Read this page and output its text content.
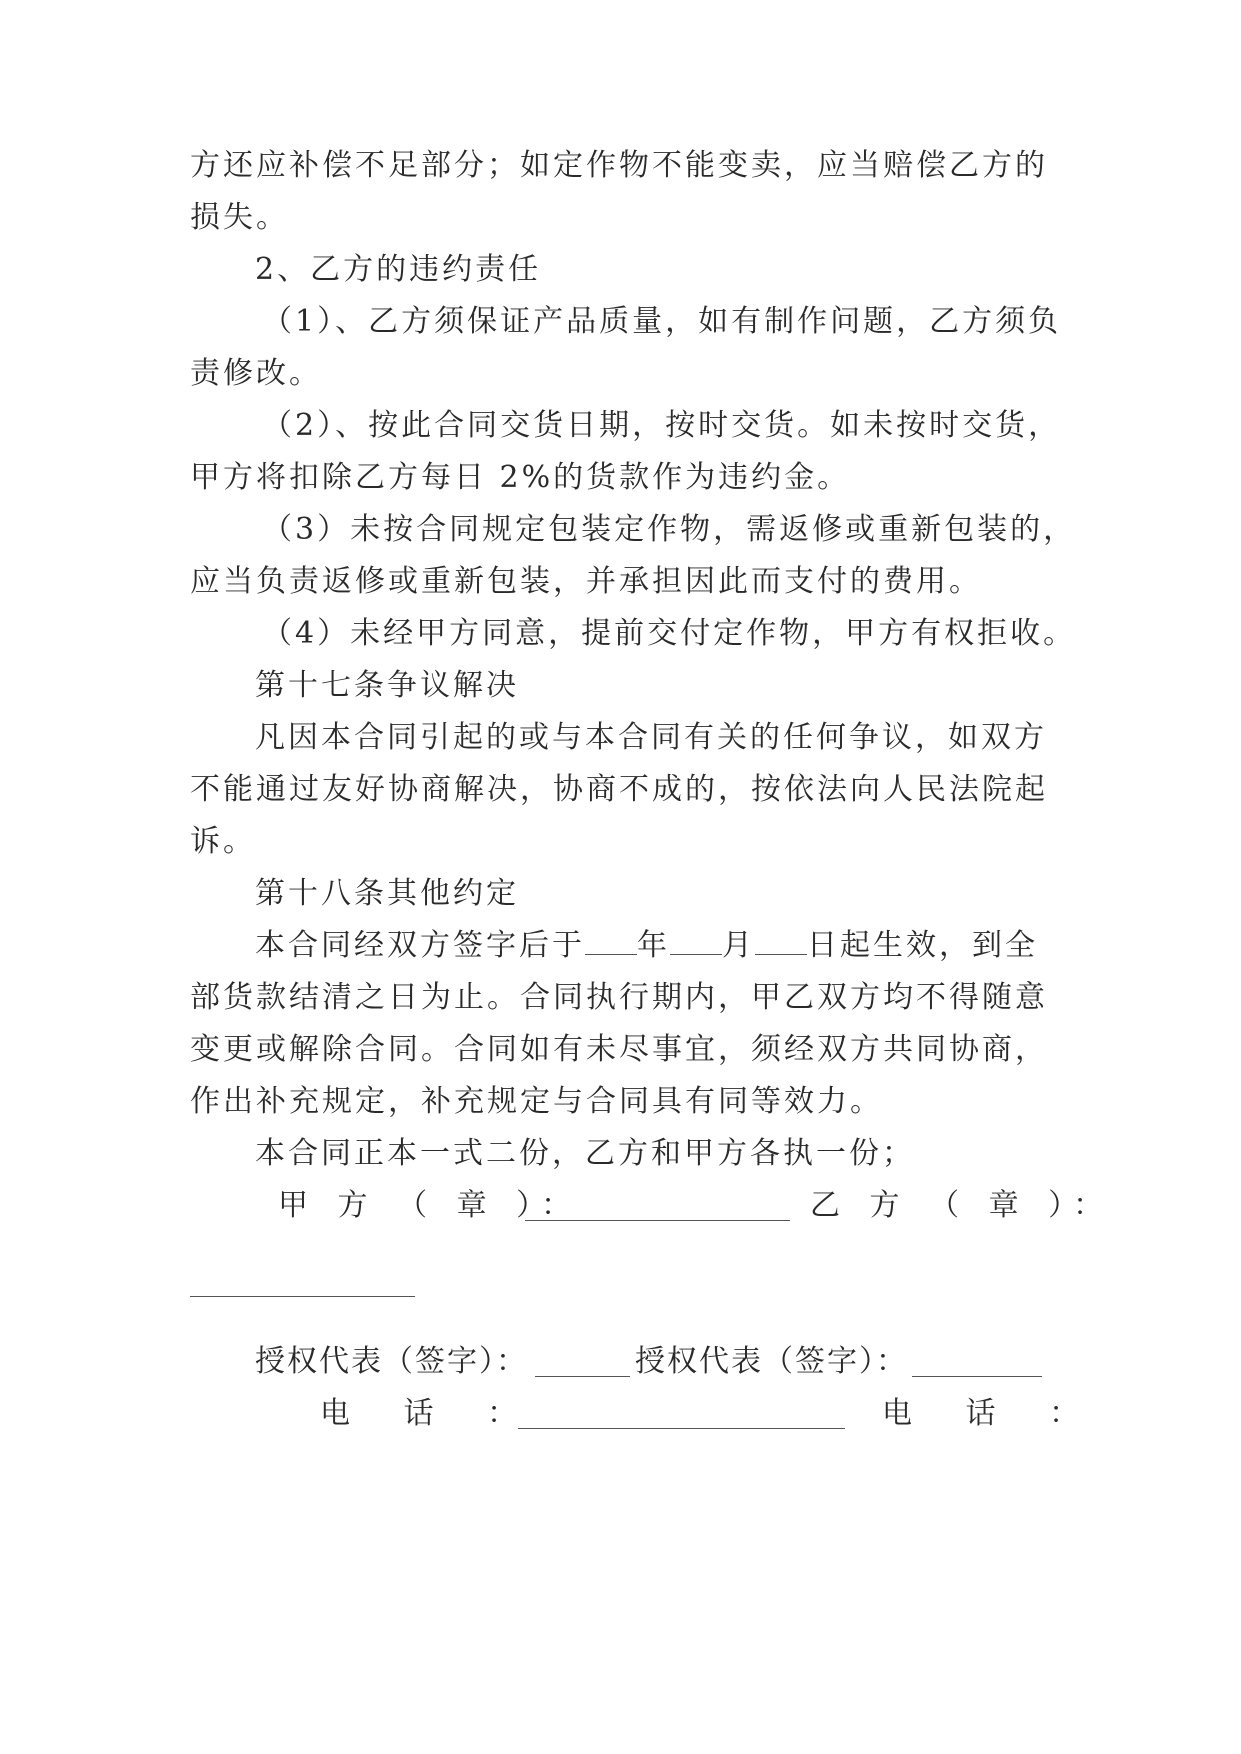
方还应补偿不足部分；如定作物不能变卖，应当赔偿乙方的
损失。
2、乙方的违约责任
（1）、乙方须保证产品质量，如有制作问题，乙方须负
责修改。
（2）、按此合同交货日期，按时交货。如未按时交货，
甲方将扣除乙方每日 2%的货款作为违约金。
（3）未按合同规定包装定作物，需返修或重新包装的，
应当负责返修或重新包装，并承担因此而支付的费用。
（4）未经甲方同意，提前交付定作物，甲方有权拒收。
第十七条争议解决
凡因本合同引起的或与本合同有关的任何争议，如双方
不能通过友好协商解决，协商不成的，按依法向人民法院起
诉。
第十八条其他约定
本合同经双方签字后于 年 月 日起生效，到全
部货款结清之日为止。合同执行期内，甲乙双方均不得随意
变更或解除合同。合同如有未尽事宜，须经双方共同协商，
作出补充规定，补充规定与合同具有同等效力。
本合同正本一式二份，乙方和甲方各执一份；
甲 方 （ 章 ）：	乙 方 （ 章 ）：
授权代表（签字）：	授权代表（签字）：
电 话 ：	电 话 ：
